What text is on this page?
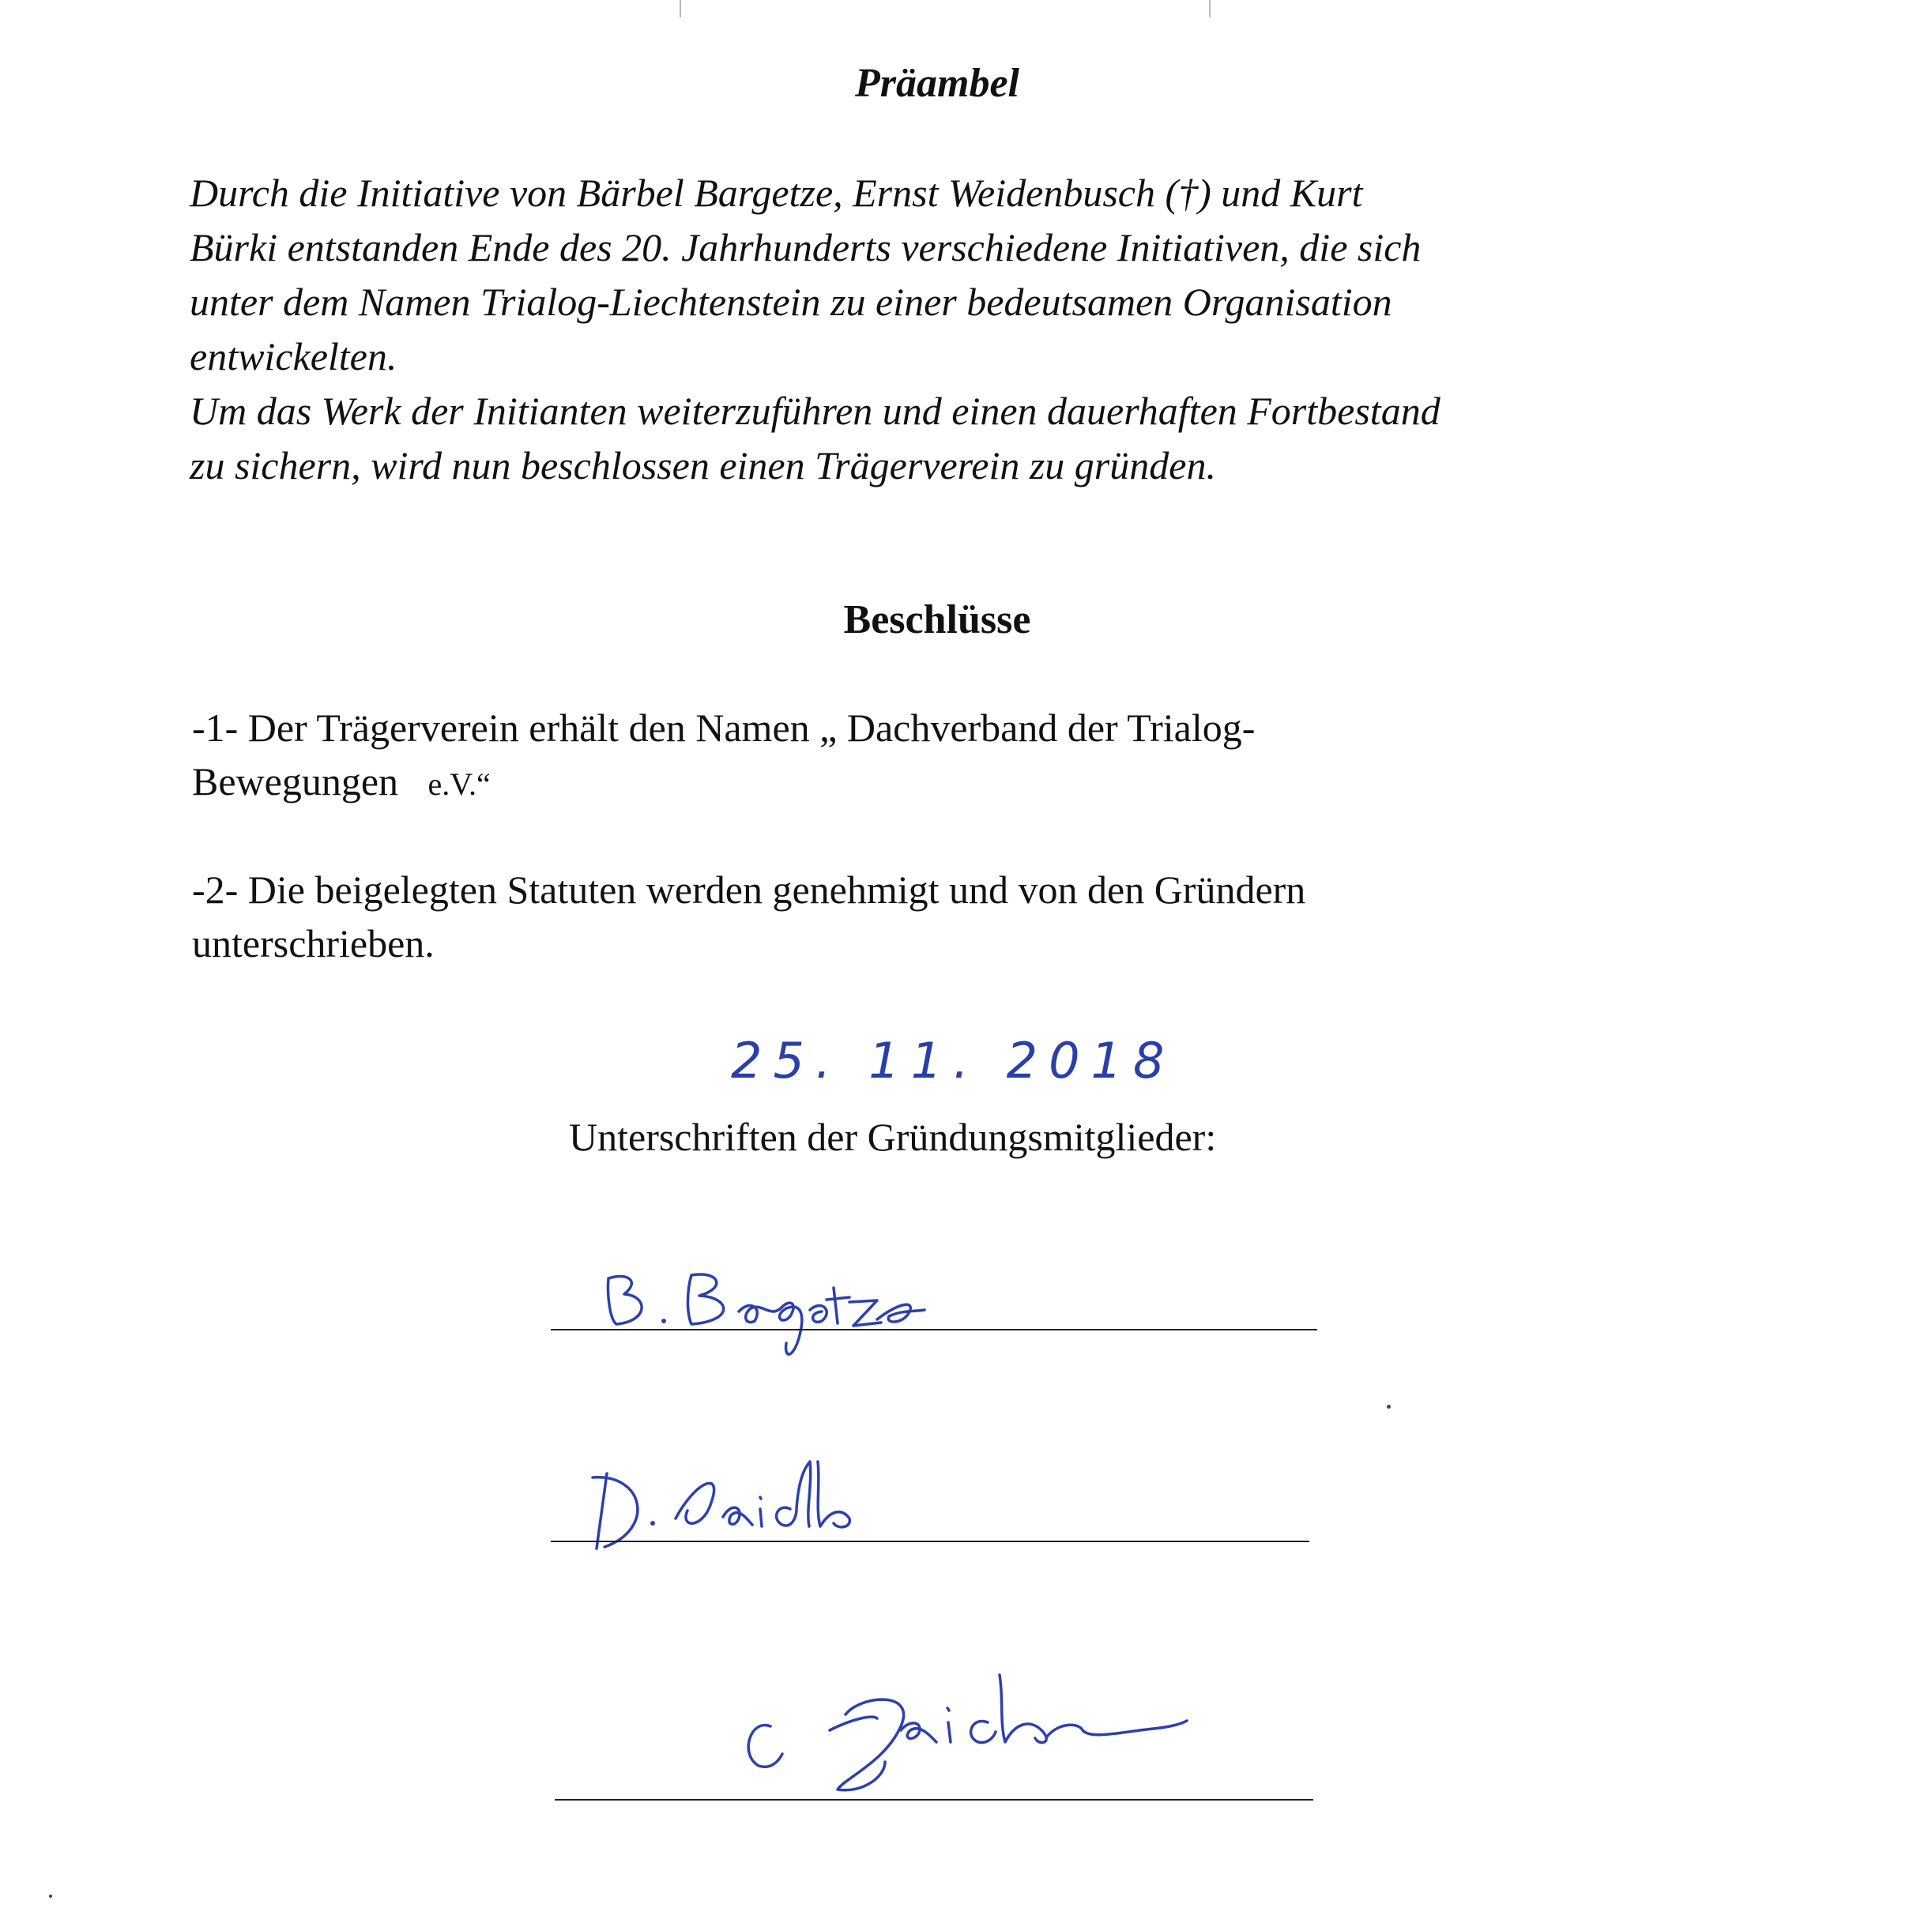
Präambel
Durch die Initiative von Bärbel Bargetze, Ernst Weidenbusch (†) und Kurt
Bürki entstanden Ende des 20. Jahrhunderts verschiedene Initiativen, die sich
unter dem Namen Trialog-Liechtenstein zu einer bedeutsamen Organisation
entwickelten.
Um das Werk der Initianten weiterzuführen und einen dauerhaften Fortbestand
zu sichern, wird nun beschlossen einen Trägerverein zu gründen.
Beschlüsse
-1- Der Trägerverein erhält den Namen „ Dachverband der Trialog-
Bewegungen e.V.“
-2- Die beigelegten Statuten werden genehmigt und von den Gründern
unterschrieben.
25. 11. 2018
Unterschriften der Gründungsmitglieder:
